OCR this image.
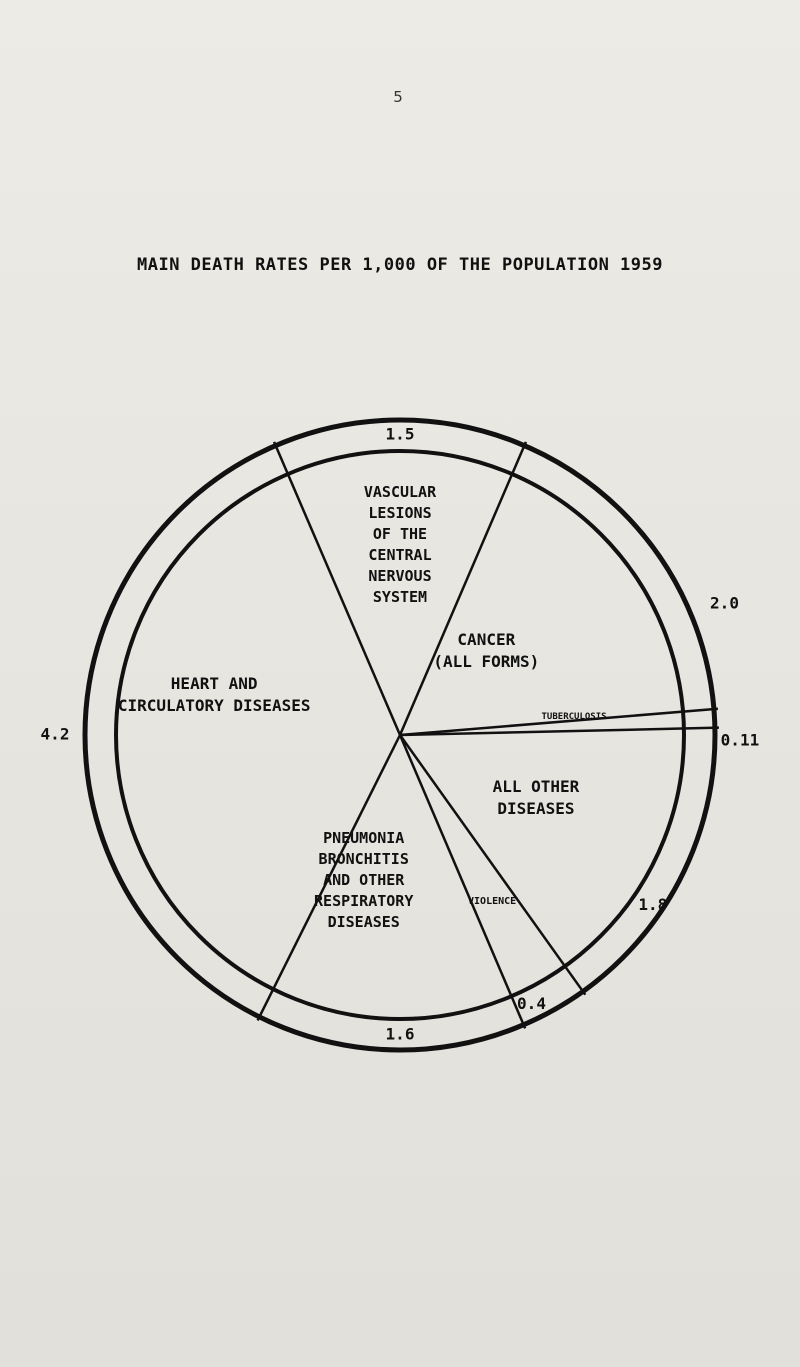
5
MAIN DEATH RATES PER 1,000 OF THE POPULATION 1959
VASCULAR
LESIONS
OF THE
CENTRAL
NERVOUS
SYSTEM
CANCER
(ALL FORMS)
TUBERCULOSIS
ALL OTHER
DISEASES
VIOLENCE
PNEUMONIA
BRONCHITIS
AND OTHER
RESPIRATORY
DISEASES
HEART AND
CIRCULATORY DISEASES
1.5
2.0
0.11
1.8
0.4
1.6
4.2
